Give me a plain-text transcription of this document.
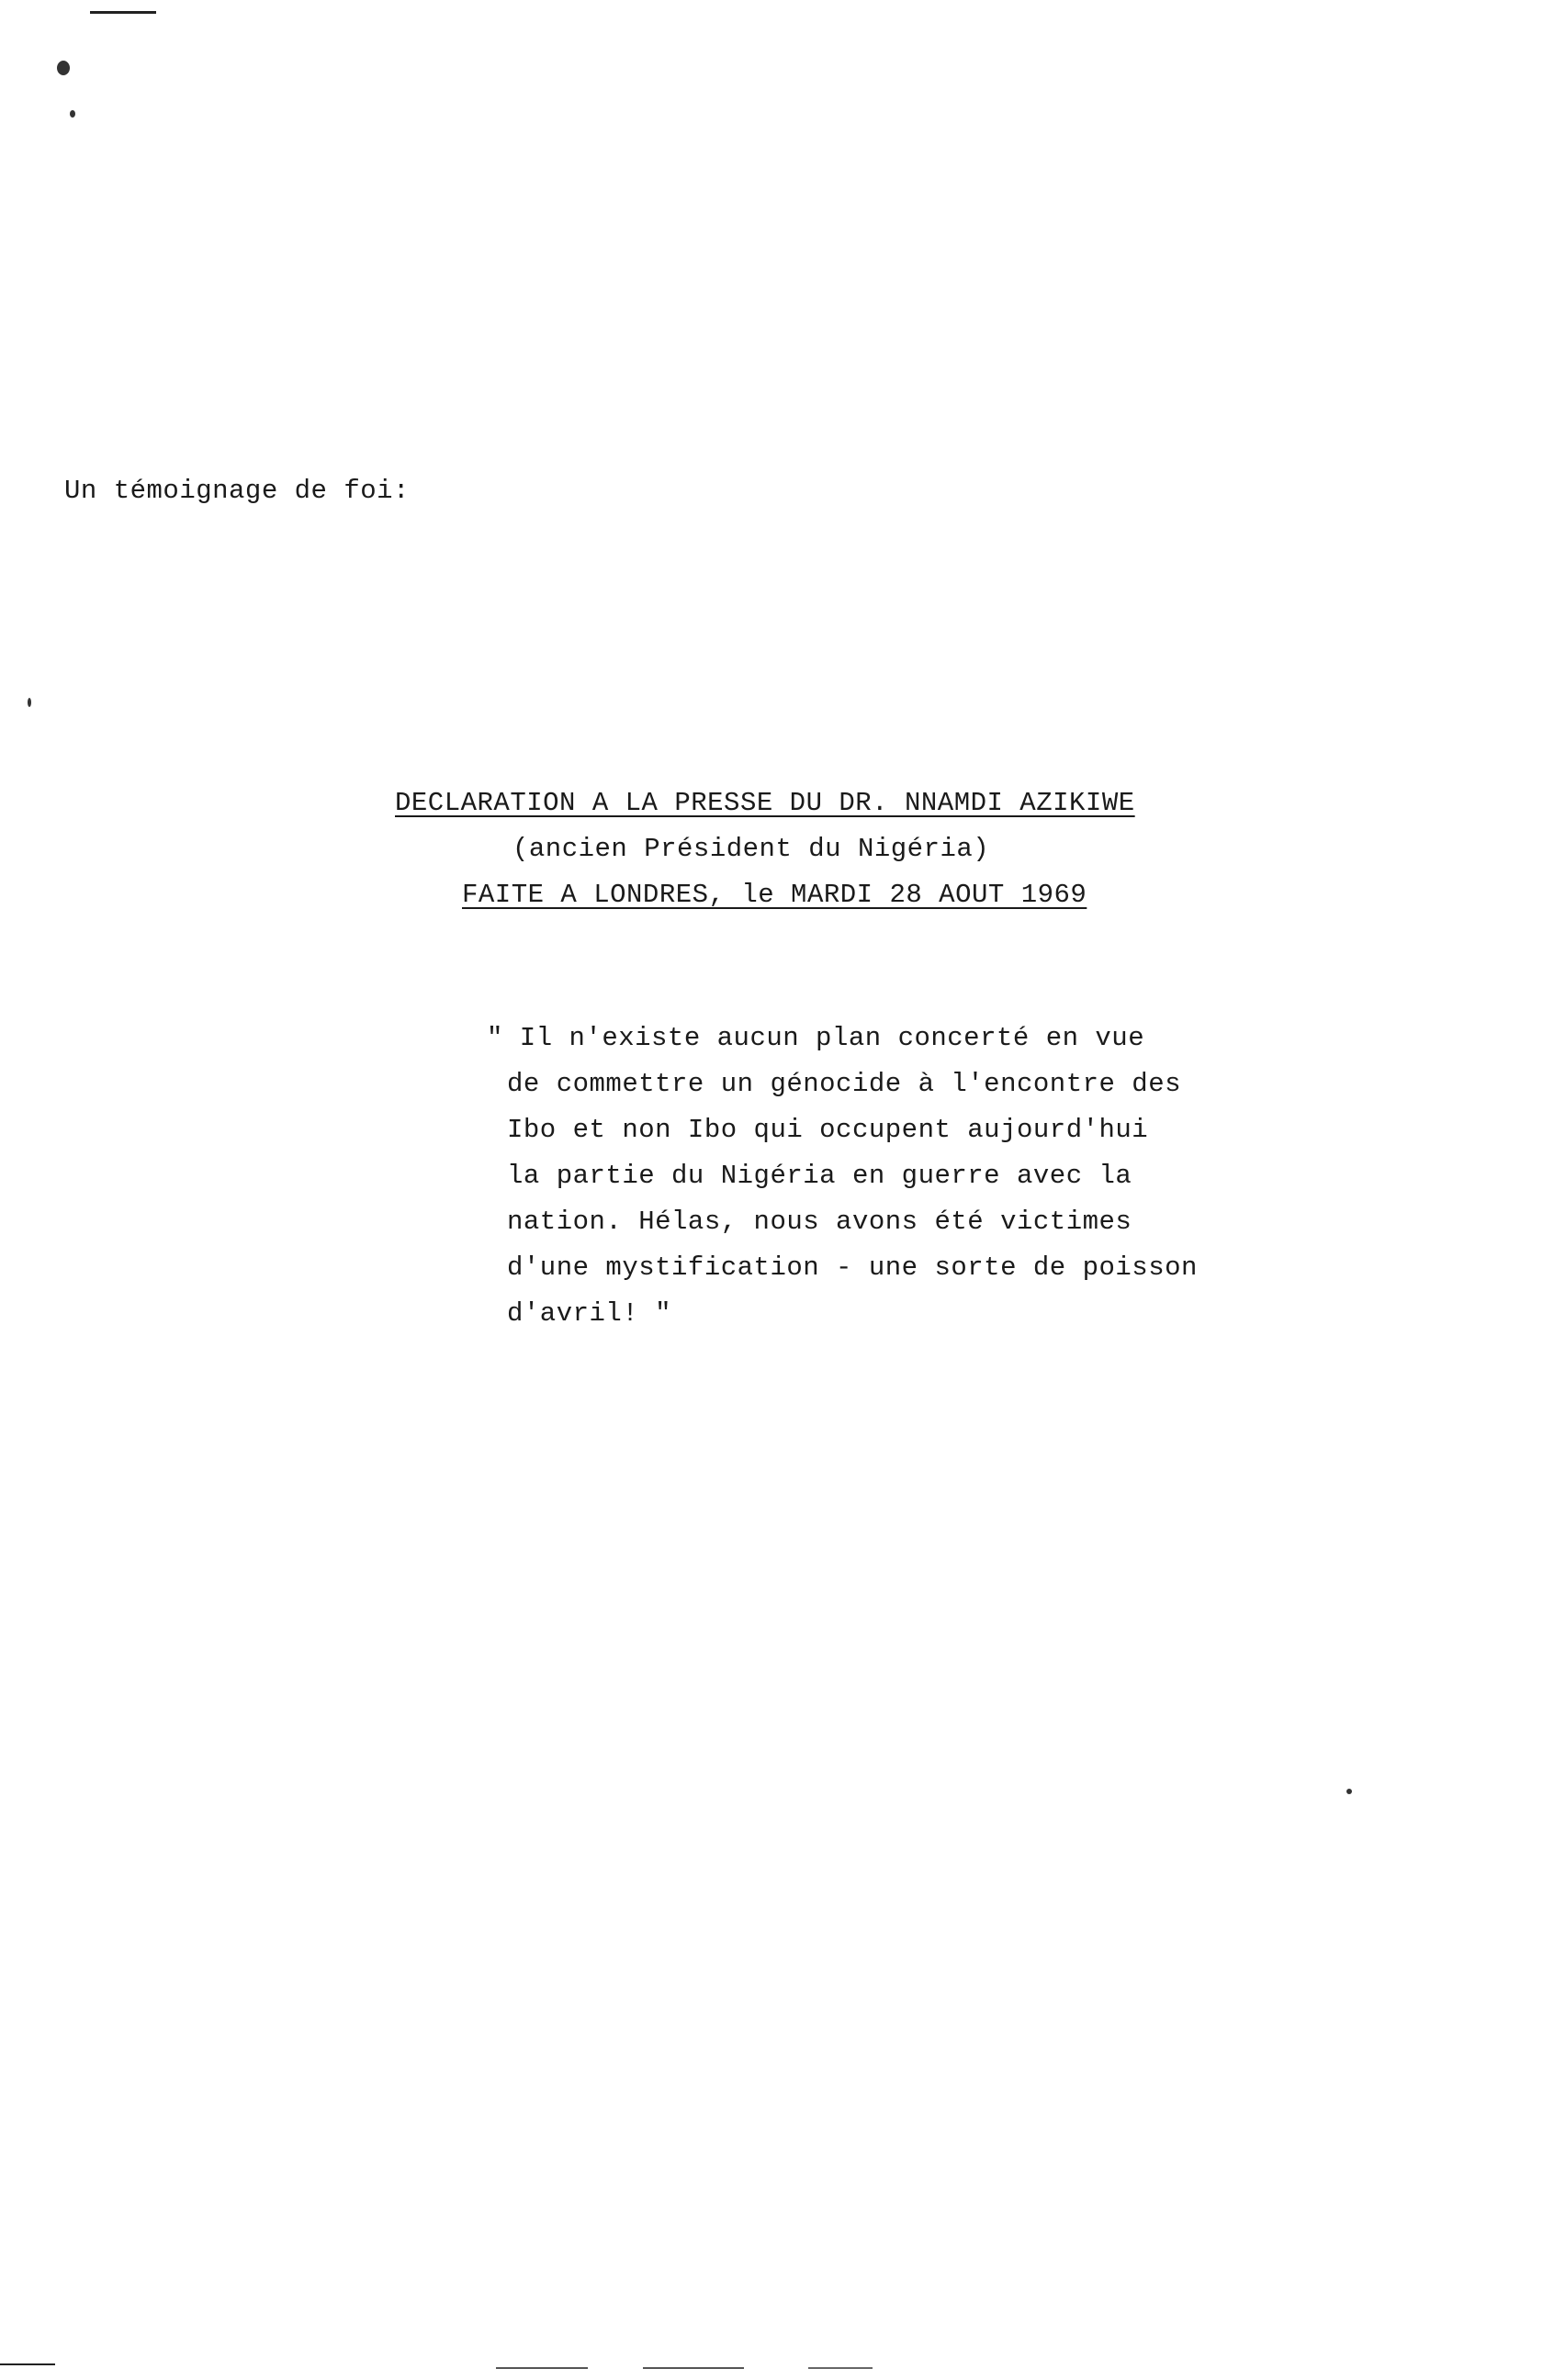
Un témoignage de foi:
DECLARATION A LA PRESSE DU DR. NNAMDI AZIKIWE
(ancien Président du Nigéria)
FAITE A LONDRES, le MARDI 28 AOUT 1969
" Il n'existe aucun plan concerté en vue
de commettre un génocide à l'encontre des
Ibo et non Ibo qui occupent aujourd'hui
la partie du Nigéria en guerre avec la
nation. Hélas, nous avons été victimes
d'une mystification - une sorte de poisson
d'avril! "
